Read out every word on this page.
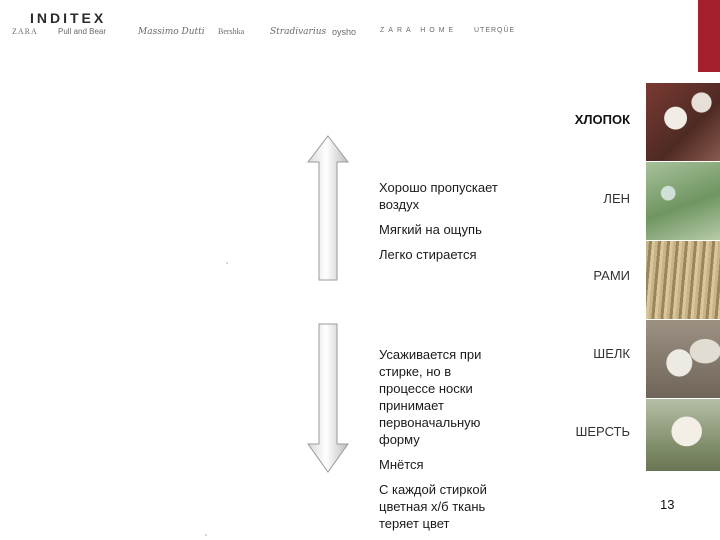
INDITEX
ZARA	Pull and Bear	Massimo Dutti Bershka	Stradivarius oysho	ZARA HOME UTERQÜE
ХЛОПОК
ЛЕН
РАМИ
ШЕЛК
ШЕРСТЬ
Хорошо пропускает воздух
Мягкий на ощупь
Легко стирается
Усаживается при стирке, но в процессе носки принимает первоначальную форму
Мнётся
С каждой стиркой цветная х/б ткань теряет цвет
13
